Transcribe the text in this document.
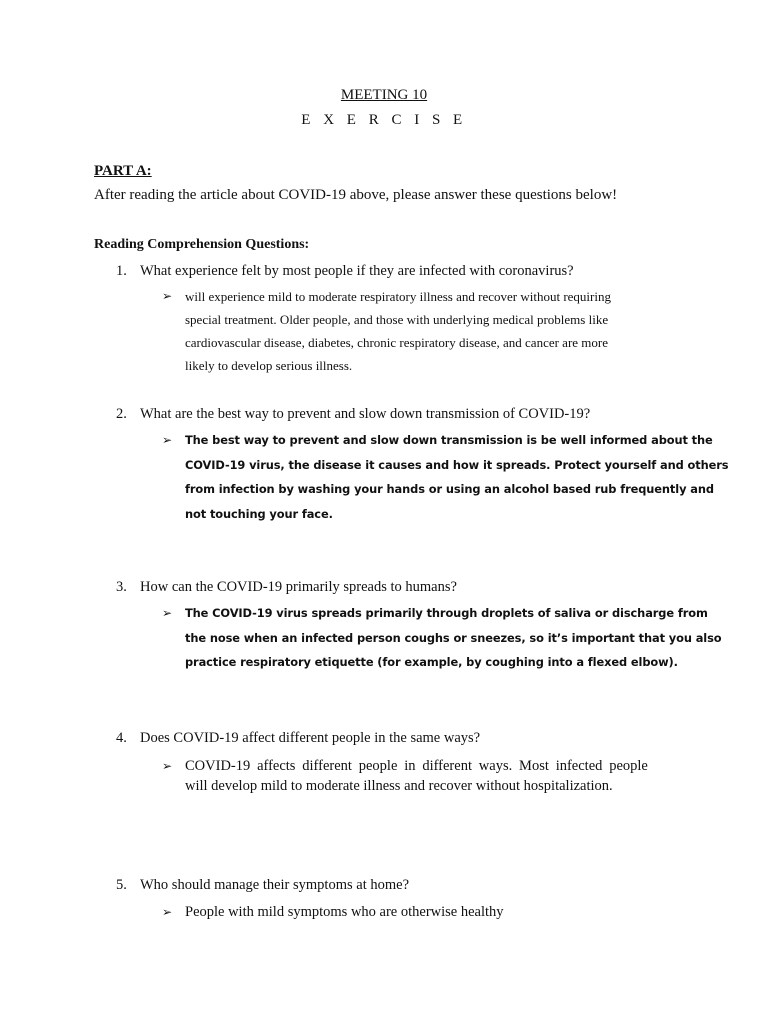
MEETING 10
E X E R C I S E
PART A:
After reading the article about COVID-19 above, please answer these questions below!
Reading Comprehension Questions:
1. What experience felt by most people if they are infected with coronavirus?
➢ will experience mild to moderate respiratory illness and recover without requiring
special treatment. Older people, and those with underlying medical problems like
cardiovascular disease, diabetes, chronic respiratory disease, and cancer are more
likely to develop serious illness.
2. What are the best way to prevent and slow down transmission of COVID-19?
➢ The best way to prevent and slow down transmission is be well informed about the
COVID-19 virus, the disease it causes and how it spreads. Protect yourself and others
from infection by washing your hands or using an alcohol based rub frequently and
not touching your face.
3. How can the COVID-19 primarily spreads to humans?
➢ The COVID-19 virus spreads primarily through droplets of saliva or discharge from
the nose when an infected person coughs or sneezes, so it’s important that you also
practice respiratory etiquette (for example, by coughing into a flexed elbow).
4. Does COVID-19 affect different people in the same ways?
➢ COVID-19 affects different people in different ways. Most infected people
will develop mild to moderate illness and recover without hospitalization.
5. Who should manage their symptoms at home?
➢ People with mild symptoms who are otherwise healthy
